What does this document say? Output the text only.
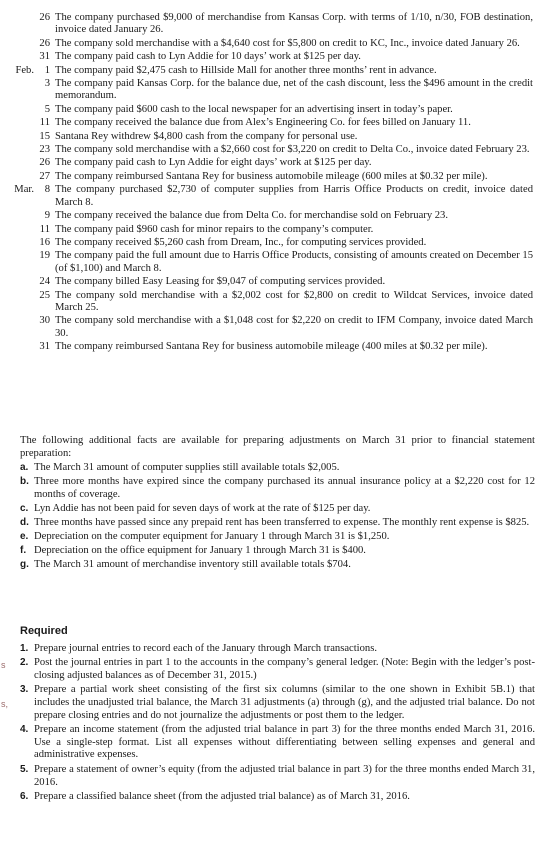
26 The company purchased $9,000 of merchandise from Kansas Corp. with terms of 1/10, n/30, FOB destination, invoice dated January 26.
26 The company sold merchandise with a $4,640 cost for $5,800 on credit to KC, Inc., invoice dated January 26.
31 The company paid cash to Lyn Addie for 10 days’ work at $125 per day.
Feb.	1 The company paid $2,475 cash to Hillside Mall for another three months’ rent in advance.
3 The company paid Kansas Corp. for the balance due, net of the cash discount, less the $496 amount in the credit memorandum.
5 The company paid $600 cash to the local newspaper for an advertising insert in today’s paper.
11 The company received the balance due from Alex’s Engineering Co. for fees billed on January 11.
15 Santana Rey withdrew $4,800 cash from the company for personal use.
23 The company sold merchandise with a $2,660 cost for $3,220 on credit to Delta Co., invoice dated February 23.
26 The company paid cash to Lyn Addie for eight days’ work at $125 per day.
27 The company reimbursed Santana Rey for business automobile mileage (600 miles at $0.32 per mile).
Mar.	8 The company purchased $2,730 of computer supplies from Harris Office Products on credit, invoice dated March 8.
9 The company received the balance due from Delta Co. for merchandise sold on February 23.
11 The company paid $960 cash for minor repairs to the company’s computer.
16 The company received $5,260 cash from Dream, Inc., for computing services provided.
19 The company paid the full amount due to Harris Office Products, consisting of amounts created on December 15 (of $1,100) and March 8.
24 The company billed Easy Leasing for $9,047 of computing services provided.
25 The company sold merchandise with a $2,002 cost for $2,800 on credit to Wildcat Services, invoice dated March 25.
30 The company sold merchandise with a $1,048 cost for $2,220 on credit to IFM Company, invoice dated March 30.
31 The company reimbursed Santana Rey for business automobile mileage (400 miles at $0.32 per mile).
The following additional facts are available for preparing adjustments on March 31 prior to financial statement preparation:
a. The March 31 amount of computer supplies still available totals $2,005.
b. Three more months have expired since the company purchased its annual insurance policy at a $2,220 cost for 12 months of coverage.
c. Lyn Addie has not been paid for seven days of work at the rate of $125 per day.
d. Three months have passed since any prepaid rent has been transferred to expense. The monthly rent expense is $825.
e. Depreciation on the computer equipment for January 1 through March 31 is $1,250.
f. Depreciation on the office equipment for January 1 through March 31 is $400.
g. The March 31 amount of merchandise inventory still available totals $704.
s
s,
Required
1. Prepare journal entries to record each of the January through March transactions.
2. Post the journal entries in part 1 to the accounts in the company’s general ledger. (Note: Begin with the ledger’s post-closing adjusted balances as of December 31, 2015.)
3. Prepare a partial work sheet consisting of the first six columns (similar to the one shown in Exhibit 5B.1) that includes the unadjusted trial balance, the March 31 adjustments (a) through (g), and the adjusted trial balance. Do not prepare closing entries and do not journalize the adjustments or post them to the ledger.
4. Prepare an income statement (from the adjusted trial balance in part 3) for the three months ended March 31, 2016. Use a single-step format. List all expenses without differentiating between selling expenses and general and administrative expenses.
5. Prepare a statement of owner’s equity (from the adjusted trial balance in part 3) for the three months ended March 31, 2016.
6. Prepare a classified balance sheet (from the adjusted trial balance) as of March 31, 2016.
